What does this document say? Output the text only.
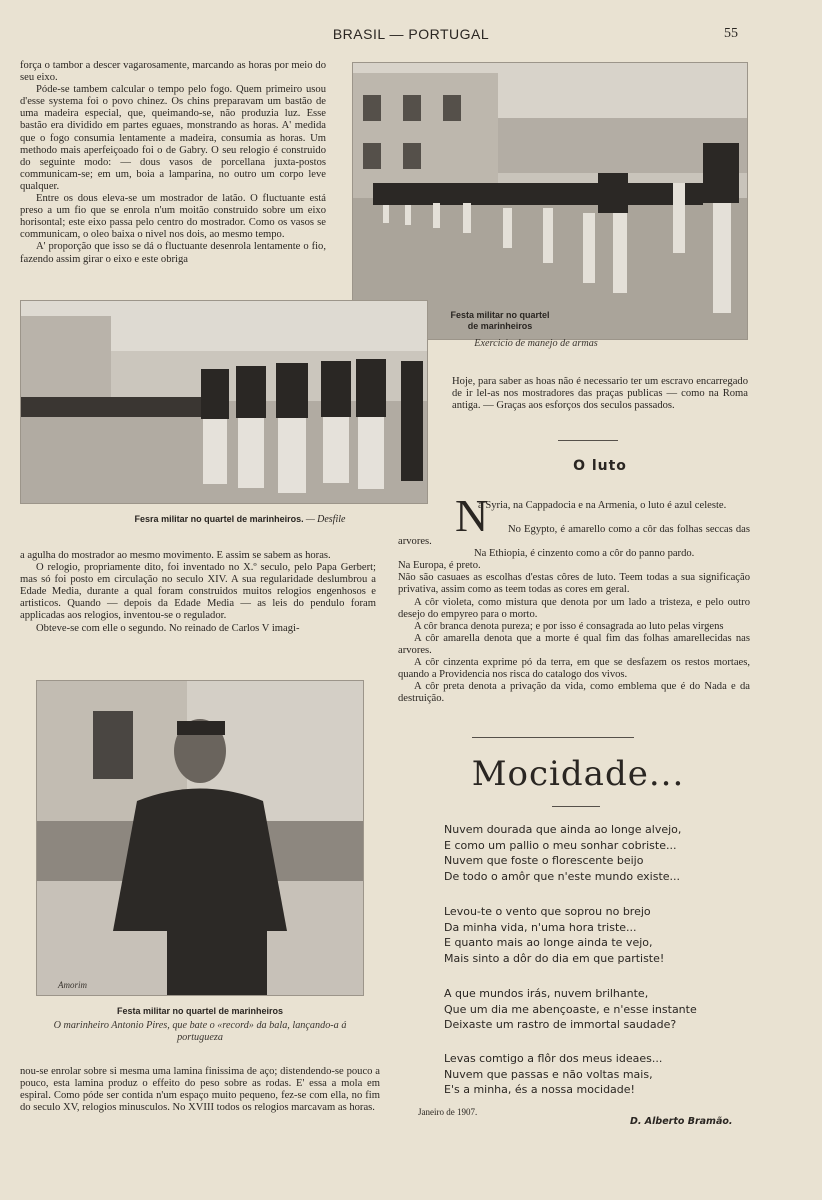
BRASIL — PORTUGAL	55

força o tambor a descer vagarosamente, marcando as horas por meio do seu eixo.

Póde-se tambem calcular o tempo pelo fogo. Quem primeiro usou d'esse systema foi o povo chinez. Os chins preparavam um bastão de uma madeira especial, que, queimando-se, não produzia luz. Esse bastão era dividido em partes eguaes, monstrando as horas. A' medida que o fogo consumia lentamente a madeira, consumia as horas. Um methodo mais aperfeiçoado foi o de Gabry. O seu relogio é construido do seguinte modo: — dous vasos de porcellana juxta-postos communicam-se; em um, boia a lamparina, no outro um corpo leve qualquer.

Entre os dous eleva-se um mostrador de latão. O fluctuante está preso a um fio que se enrola n'um moitão construido sobre um eixo horisontal; este eixo passa pelo centro do mostrador. Como os vasos se communicam, o oleo baixa o nivel nos dois, ao mesmo tempo.

A' proporção que isso se dá o fluctuante desenrola lentamente o fio, fazendo assim girar o eixo e este obriga

Festa militar no quartel de marinheiros
Exercicio de manejo de armas
Fesra militar no quartel de marinheiros. — Desfile

Hoje, para saber as hoas não é necessario ter um escravo encarregado de ir lel-as nos mostradores das praças publicas — como na Roma antiga. — Graças aos esforços dos seculos passados.

O luto
N

a Syria, na Cappadocia e na Armenia, o luto é azul celeste.

No Egypto, é amarello como a côr das folhas seccas das arvores.

Na Ethiopia, é cinzento como a côr do panno pardo.

Na Europa, é preto.

Não são casuaes as escolhas d'estas côres de luto. Teem todas a sua significação privativa, assim como as teem todas as cores em geral.

A côr violeta, como mistura que denota por um lado a tristeza, e pelo outro desejo do empyreo para o morto.

A côr branca denota pureza; e por isso é consagrada ao luto pelas virgens

A côr amarella denota que a morte é qual fim das folhas amarellecidas nas arvores.

A côr cinzenta exprime pó da terra, em que se desfazem os restos mortaes, quando a Providencia nos risca do catalogo dos vivos.

A côr preta denota a privação da vida, como emblema que é do Nada e da destruição.

a agulha do mostrador ao mesmo movimento. E assim se sabem as horas.

O relogio, propriamente dito, foi inventado no X.º seculo, pelo Papa Gerbert; mas só foi posto em circulação no seculo XIV. A sua regularidade deslumbrou a Edade Media, durante a qual foram construidos muitos relogios engenhosos e artisticos. Quando — depois da Edade Media — as leis do pendulo foram applicadas aos relogios, inventou-se o regulador.

Obteve-se com elle o segundo. No reinado de Carlos V imagi-

Amorim
Festa militar no quartel de marinheiros
O marinheiro Antonio Pires, que bate o «record» da bala, lançando-a á portugueza

nou-se enrolar sobre si mesma uma lamina finissima de aço; distendendo-se pouco a pouco, esta lamina produz o effeito do peso sobre as rodas. E' essa a mola em espiral. Como póde ser contida n'um espaço muito pequeno, fez-se com ella, no fim do seculo XV, relogios minusculos. No XVIII todos os relogios marcavam as horas.

Mocidade...
Nuvem dourada que ainda ao longe alvejo,
E como um pallio o meu sonhar cobriste...
Nuvem que foste o florescente beijo
De todo o amôr que n'este mundo existe...
Levou-te o vento que soprou no brejo
Da minha vida, n'uma hora triste...
E quanto mais ao longe ainda te vejo,
Mais sinto a dôr do dia em que partiste!
A que mundos irás, nuvem brilhante,
Que um dia me abençoaste, e n'esse instante
Deixaste um rastro de immortal saudade?
Levas comtigo a flôr dos meus ideaes...
Nuvem que passas e não voltas mais,
E's a minha, és a nossa mocidade!
Janeiro de 1907.
D. Alberto Bramão.
